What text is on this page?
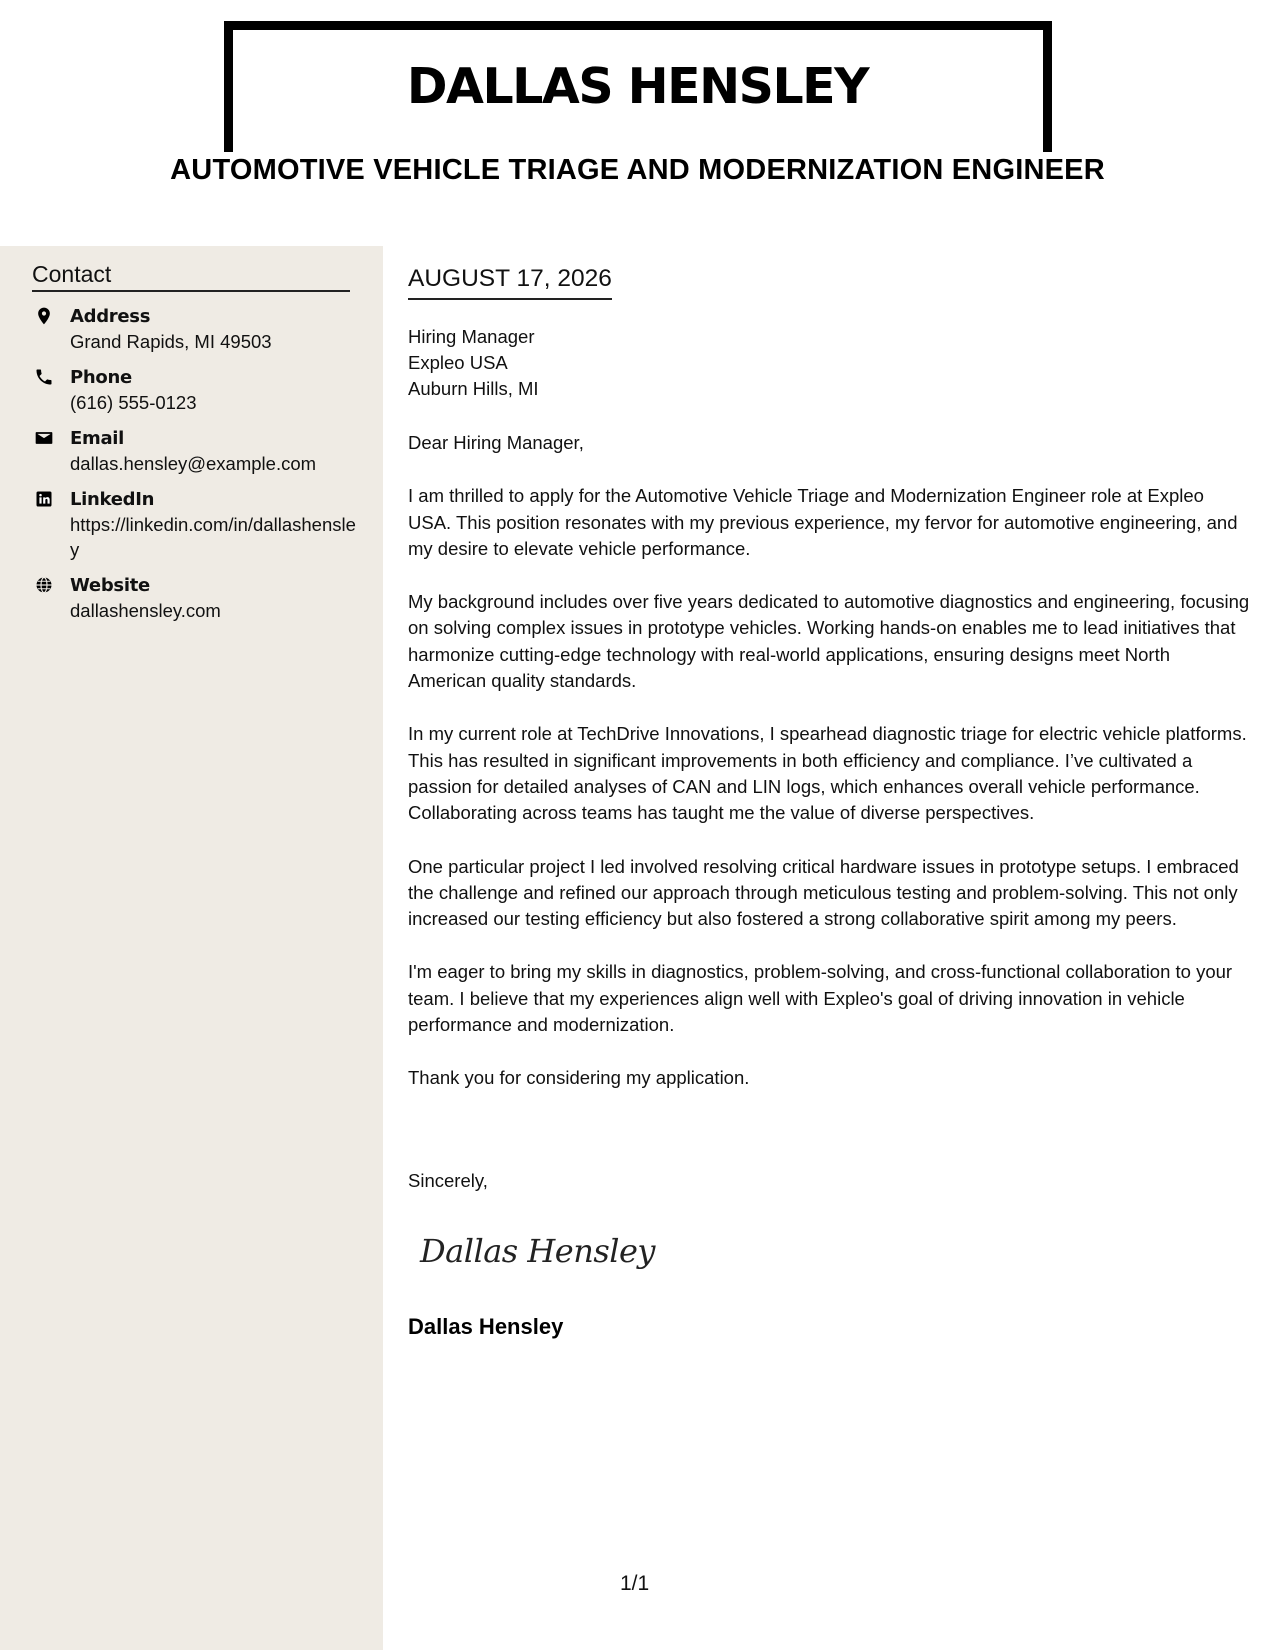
DALLAS HENSLEY
AUTOMOTIVE VEHICLE TRIAGE AND MODERNIZATION ENGINEER
Contact
Address
Grand Rapids, MI 49503
Phone
(616) 555-0123
Email
dallas.hensley@example.com
LinkedIn
https://linkedin.com/in/dallashensley
Website
dallashensley.com
AUGUST 17, 2026
Hiring Manager
Expleo USA
Auburn Hills, MI

Dear Hiring Manager,

I am thrilled to apply for the Automotive Vehicle Triage and Modernization Engineer role at Expleo USA. This position resonates with my previous experience, my fervor for automotive engineering, and my desire to elevate vehicle performance.

My background includes over five years dedicated to automotive diagnostics and engineering, focusing on solving complex issues in prototype vehicles. Working hands-on enables me to lead initiatives that harmonize cutting-edge technology with real-world applications, ensuring designs meet North American quality standards.

In my current role at TechDrive Innovations, I spearhead diagnostic triage for electric vehicle platforms. This has resulted in significant improvements in both efficiency and compliance. I’ve cultivated a passion for detailed analyses of CAN and LIN logs, which enhances overall vehicle performance. Collaborating across teams has taught me the value of diverse perspectives.

One particular project I led involved resolving critical hardware issues in prototype setups. I embraced the challenge and refined our approach through meticulous testing and problem-solving. This not only increased our testing efficiency but also fostered a strong collaborative spirit among my peers.

I'm eager to bring my skills in diagnostics, problem-solving, and cross-functional collaboration to your team. I believe that my experiences align well with Expleo's goal of driving innovation in vehicle performance and modernization.

Thank you for considering my application.

Sincerely,
Dallas Hensley
Dallas Hensley
1/1
